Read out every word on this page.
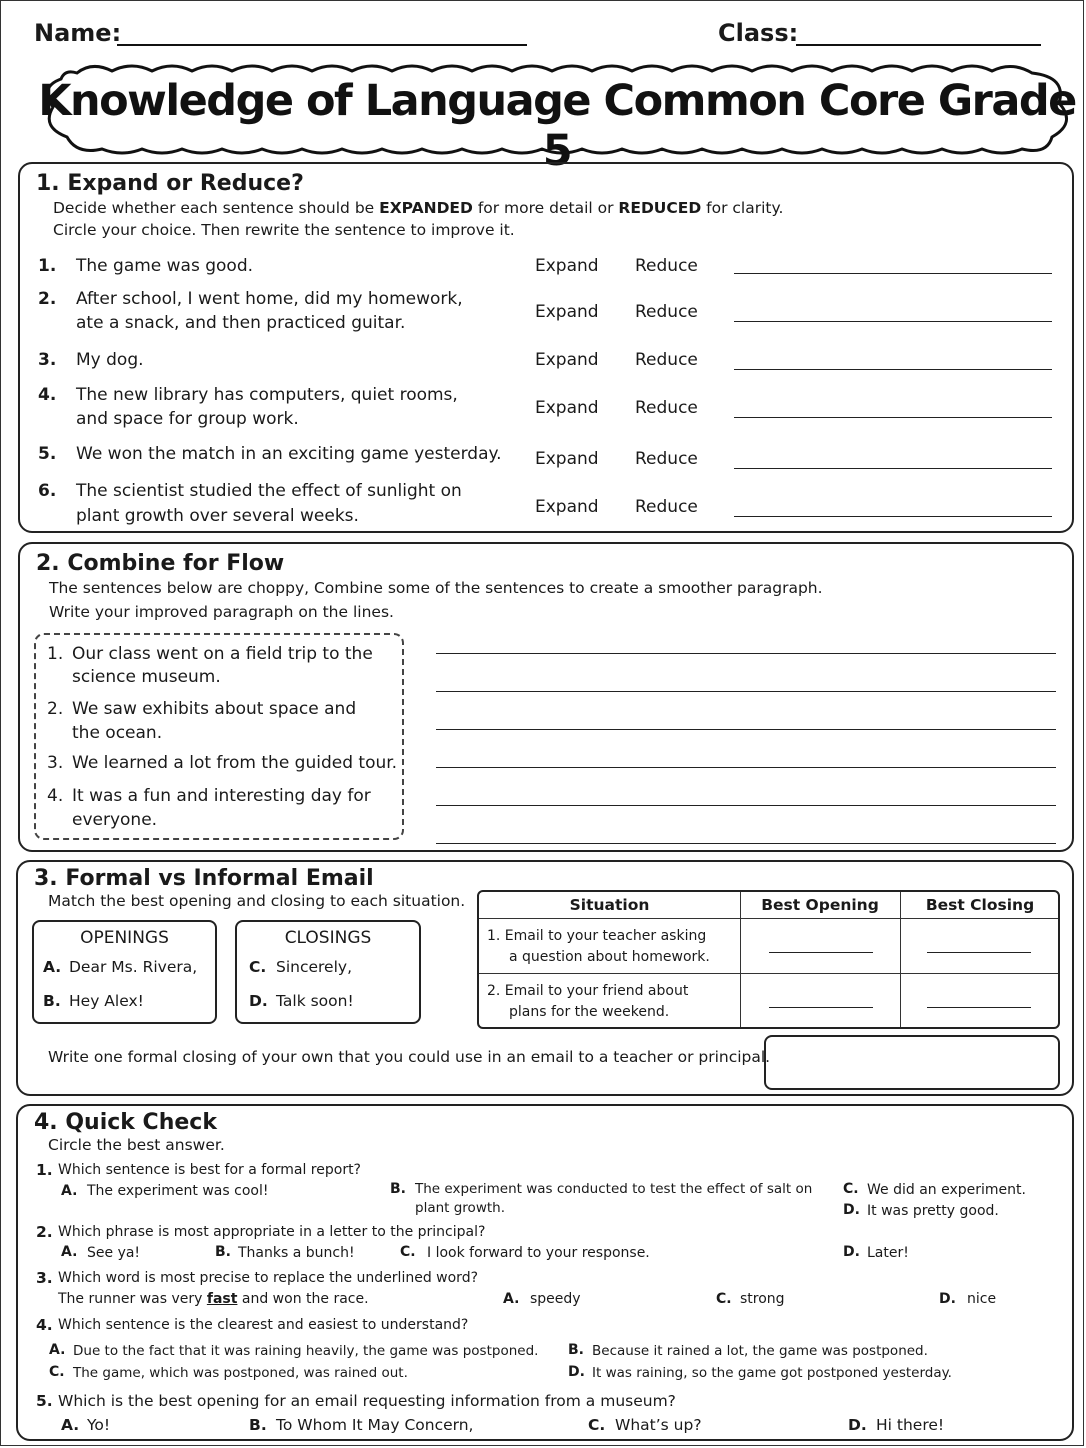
Name:	Class:
Knowledge of Language Common Core Grade 5
1. Expand or Reduce?
Decide whether each sentence should be EXPANDED for more detail or REDUCED for clarity.
Circle your choice. Then rewrite the sentence to improve it.
1. The game was good.	Expand Reduce
2. After school, I went home, did my homework,
ate a snack, and then practiced guitar.
Expand Reduce
3. My dog.	Expand Reduce
4. The new library has computers, quiet rooms,
and space for group work.
Expand Reduce
5. We won the match in an exciting game yesterday. Expand Reduce
6. The scientist studied the effect of sunlight on
plant growth over several weeks.	Expand Reduce
2. Combine for Flow
The sentences below are choppy, Combine some of the sentences to create a smoother paragraph.
Write your improved paragraph on the lines.
1. Our class went on a field trip to the
science museum.
2. We saw exhibits about space and
the ocean.
3. We learned a lot from the guided tour.
4. It was a fun and interesting day for
everyone.
3. Formal vs Informal Email
Match the best opening and closing to each situation.
OPENINGS
A. Dear Ms. Rivera,
B. Hey Alex!
CLOSINGS
C. Sincerely,
D. Talk soon!
Situation	Best Opening	Best Closing
1. Email to your teacher asking
a question about homework.
2. Email to your friend about
plans for the weekend.
Write one formal closing of your own that you could use in an email to a teacher or principal.
4. Quick Check
Circle the best answer.
1. Which sentence is best for a formal report?
A. The experiment was cool!	B. The experiment was conducted to test the effect of salt on
plant growth.
C. We did an experiment.
D. It was pretty good.
2. Which phrase is most appropriate in a letter to the principal?
A. See ya!	B. Thanks a bunch!	C. I look forward to your response.	D. Later!
3. Which word is most precise to replace the underlined word?
The runner was very fast and won the race.	A. speedy	C. strong	D. nice
4. Which sentence is the clearest and easiest to understand?
A. Due to the fact that it was raining heavily, the game was postponed. B. Because it rained a lot, the game was postponed.
C. The game, which was postponed, was rained out.	D. It was raining, so the game got postponed yesterday.
5. Which is the best opening for an email requesting information from a museum?
A. Yo!	B. To Whom It May Concern,	C. What’s up?	D. Hi there!
